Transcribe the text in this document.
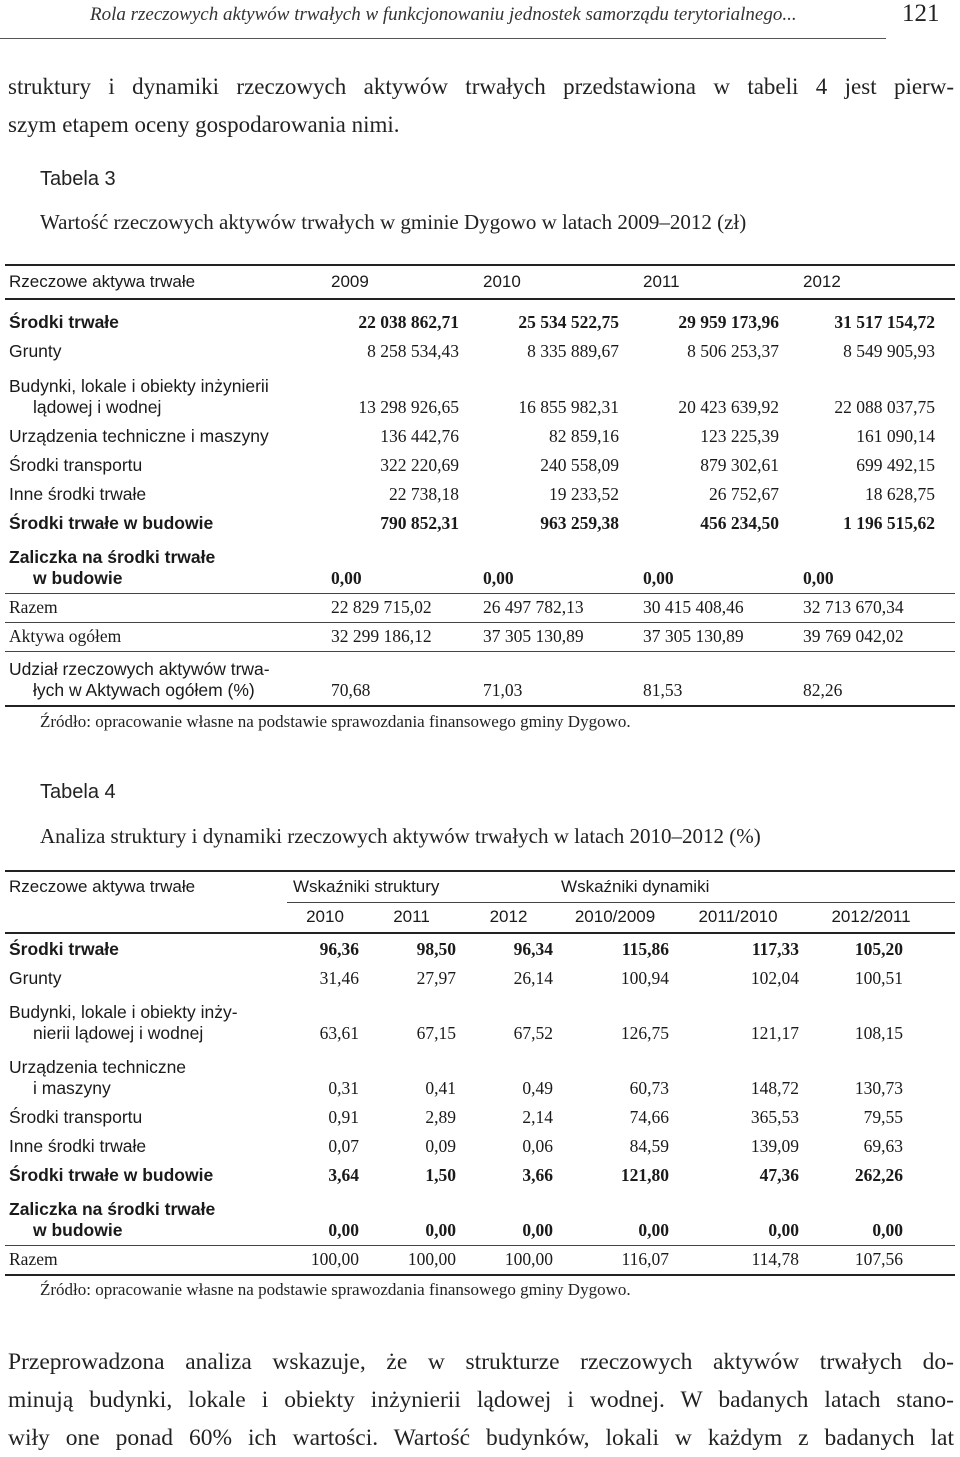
Rola rzeczowych aktywów trwałych w funkcjonowaniu jednostek samorządu terytorialnego...	121
struktury i dynamiki rzeczowych aktywów trwałych przedstawiona w tabeli 4 jest pierw-
szym etapem oceny gospodarowania nimi.
Tabela 3
Wartość rzeczowych aktywów trwałych w gminie Dygowo w latach 2009–2012 (zł)
Rzeczowe aktywa trwałe	2009	2010	2011	2012

Środki trwałe	22 038 862,71	25 534 522,75	29 959 173,96	31 517 154,72

Grunty	8 258 534,43	8 335 889,67	8 506 253,37	8 549 905,93

Budynki, lokale i obiekty inżynierii
lądowej i wodnej	13 298 926,65	16 855 982,31	20 423 639,92	22 088 037,75

Urządzenia techniczne i maszyny	136 442,76	82 859,16	123 225,39	161 090,14

Środki transportu	322 220,69	240 558,09	879 302,61	699 492,15

Inne środki trwałe	22 738,18	19 233,52	26 752,67	18 628,75

Środki trwałe w budowie	790 852,31	963 259,38	456 234,50	1 196 515,62

Zaliczka na środki trwałe
w budowie	0,00	0,00	0,00	0,00

Razem	22 829 715,02	26 497 782,13	30 415 408,46	32 713 670,34

Aktywa ogółem	32 299 186,12	37 305 130,89	37 305 130,89	39 769 042,02

Udział rzeczowych aktywów trwa-
łych w Aktywach ogółem (%)	70,68	71,03	81,53	82,26
Źródło: opracowanie własne na podstawie sprawozdania finansowego gminy Dygowo.
Tabela 4
Analiza struktury i dynamiki rzeczowych aktywów trwałych w latach 2010–2012 (%)
Rzeczowe aktywa trwałe	Wskaźniki struktury			Wskaźniki dynamiki		
	2010	2011	2012	2010/2009	2011/2010	2012/2011

Środki trwałe	96,36	98,50	96,34	115,86	117,33	105,20

Grunty	31,46	27,97	26,14	100,94	102,04	100,51

Budynki, lokale i obiekty inży-
nierii lądowej i wodnej	63,61	67,15	67,52	126,75	121,17	108,15

Urządzenia techniczne
i maszyny	0,31	0,41	0,49	60,73	148,72	130,73

Środki transportu	0,91	2,89	2,14	74,66	365,53	79,55

Inne środki trwałe	0,07	0,09	0,06	84,59	139,09	69,63

Środki trwałe w budowie	3,64	1,50	3,66	121,80	47,36	262,26

Zaliczka na środki trwałe
w budowie	0,00	0,00	0,00	0,00	0,00	0,00

Razem	100,00	100,00	100,00	116,07	114,78	107,56
Źródło: opracowanie własne na podstawie sprawozdania finansowego gminy Dygowo.
Przeprowadzona analiza wskazuje, że w strukturze rzeczowych aktywów trwałych do-
minują budynki, lokale i obiekty inżynierii lądowej i wodnej. W badanych latach stano-
wiły one ponad 60% ich wartości. Wartość budynków, lokali w każdym z badanych lat
